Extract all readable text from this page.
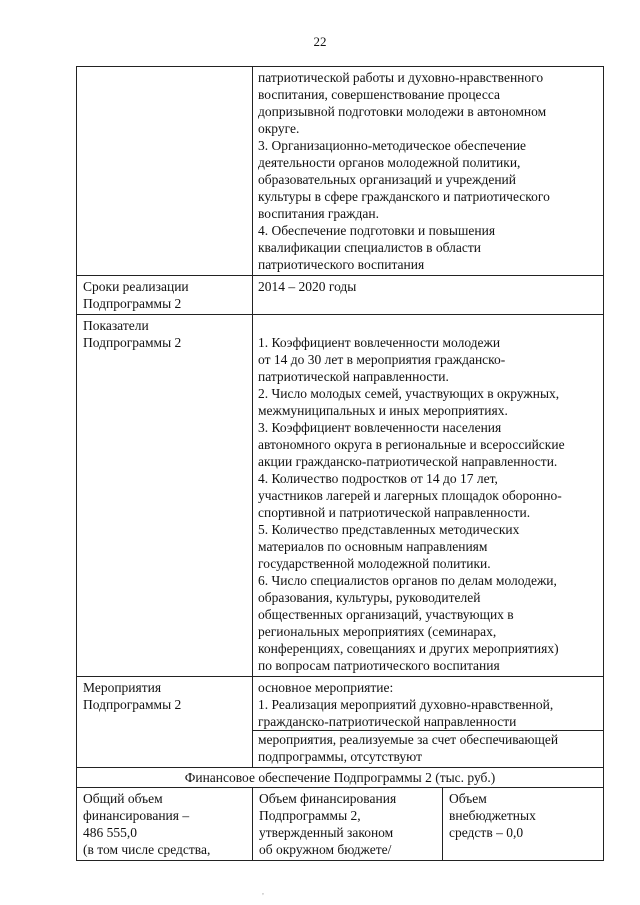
22
патриотической работы и духовно-нравственного
воспитания, совершенствование процесса
допризывной подготовки молодежи в автономном
округе.
3. Организационно-методическое обеспечение
деятельности органов молодежной политики,
образовательных организаций и учреждений
культуры в сфере гражданского и патриотического
воспитания граждан.
4. Обеспечение подготовки и повышения
квалификации специалистов в области
патриотического воспитания
Сроки реализации
Подпрограммы 2
2014 – 2020 годы
Показатели
Подпрограммы 2	1. Коэффициент вовлеченности молодежи
от 14 до 30 лет в мероприятия гражданско-
патриотической направленности.
2. Число молодых семей, участвующих в окружных,
межмуниципальных и иных мероприятиях.
3. Коэффициент вовлеченности населения
автономного округа в региональные и всероссийские
акции гражданско-патриотической направленности.
4. Количество подростков от 14 до 17 лет,
участников лагерей и лагерных площадок оборонно-
спортивной и патриотической направленности.
5. Количество представленных методических
материалов по основным направлениям
государственной молодежной политики.
6. Число специалистов органов по делам молодежи,
образования, культуры, руководителей
общественных организаций, участвующих в
региональных мероприятиях (семинарах,
конференциях, совещаниях и других мероприятиях)
по вопросам патриотического воспитания
Мероприятия
Подпрограммы 2
основное мероприятие:
1. Реализация мероприятий духовно-нравственной,
гражданско-патриотической направленности
мероприятия, реализуемые за счет обеспечивающей
подпрограммы, отсутствуют
Финансовое обеспечение Подпрограммы 2 (тыс. руб.)
Общий объем
финансирования –
486 555,0
(в том числе средства,
Объем финансирования
Подпрограммы 2,
утвержденный законом
об окружном бюджете/
Объем
внебюджетных
средств – 0,0
,
